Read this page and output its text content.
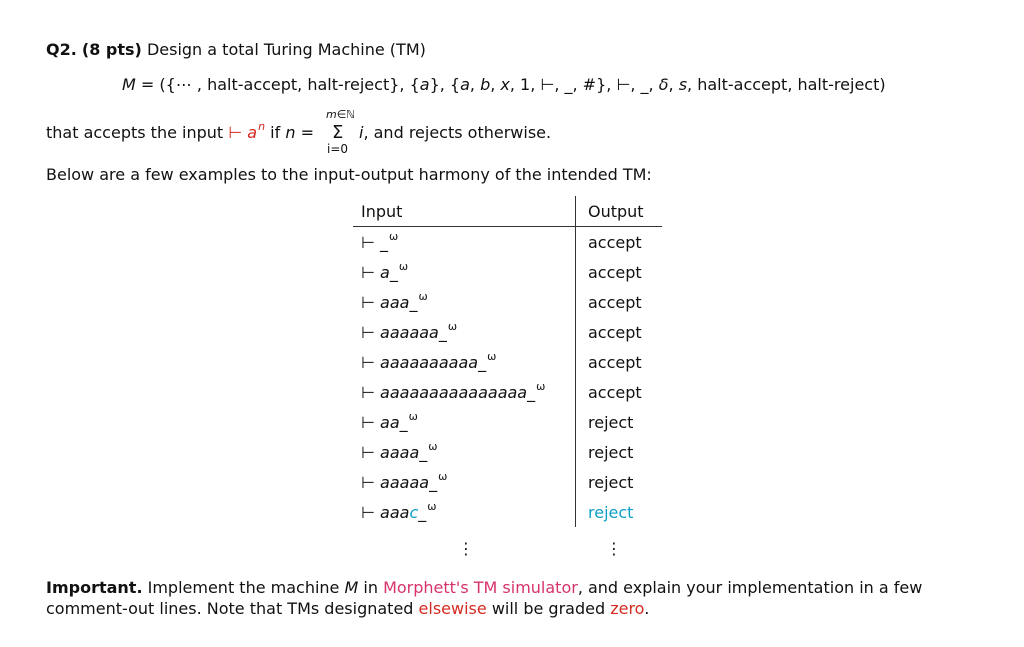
Q2. (8 pts) Design a total Turing Machine (TM)
M = ({⋯ , halt-accept, halt-reject}, {a}, {a, b, x, 1, ⊢, _, #}, ⊢, _, δ, s, halt-accept, halt-reject)
that accepts the input ⊢ $a^n$ if n =
m∈ℕ
Σ
i=0
i, and rejects otherwise.
Below are a few examples to the input-output harmony of the intended TM:
Input	Output
⊢ _$^\omega$	accept
⊢ a_$^\omega$	accept
⊢ aaa_$^\omega$	accept
⊢ aaaaaa_$^\omega$	accept
⊢ aaaaaaaaaa_$^\omega$	accept
⊢ aaaaaaaaaaaaaaa_$^\omega$	accept
⊢ aa_$^\omega$	reject
⊢ aaaa_$^\omega$	reject
⊢ aaaaa_$^\omega$	reject
⊢ aaac_$^\omega$	reject
⋮	⋮
Important. Implement the machine M in Morphett's TM simulator, and explain your implementation in a few
comment-out lines. Note that TMs designated elsewise will be graded zero.
